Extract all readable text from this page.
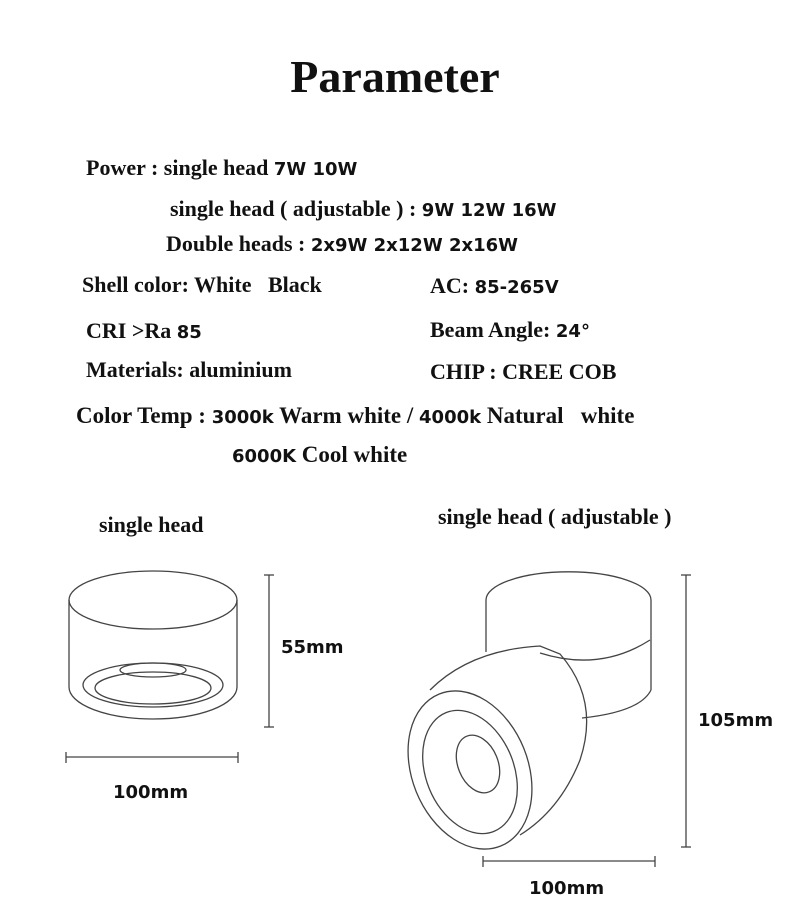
Parameter
Power : single head 7W 10W
single head ( adjustable ) : 9W 12W 16W
Double heads : 2x9W 2x12W 2x16W
Shell color: White   Black	AC: 85-265V
CRI >Ra 85	Beam Angle: 24°
Materials: aluminium	CHIP : CREE COB
Color Temp : 3000k Warm white / 4000k Natural   white
6000K Cool white
single head	single head ( adjustable )
55mm
100mm
105mm
100mm
